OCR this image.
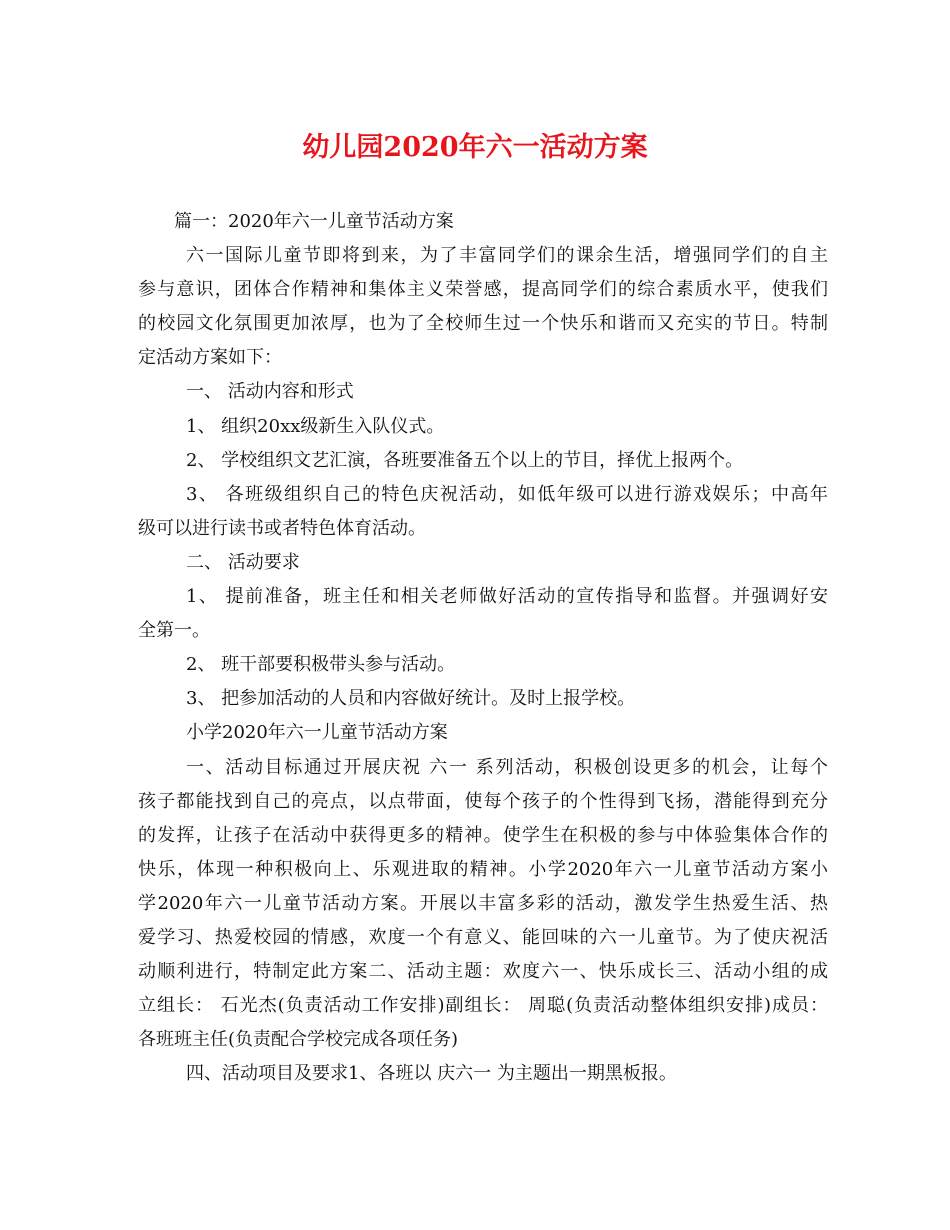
幼儿园2020年六一活动方案
篇一：2020年六一儿童节活动方案
六一国际儿童节即将到来，为了丰富同学们的课余生活，增强同学们的自主
参与意识，团体合作精神和集体主义荣誉感，提高同学们的综合素质水平，使我们
的校园文化氛围更加浓厚，也为了全校师生过一个快乐和谐而又充实的节日。特制
定活动方案如下：
一、 活动内容和形式
1、 组织20xx级新生入队仪式。
2、 学校组织文艺汇演，各班要准备五个以上的节目，择优上报两个。
3、 各班级组织自己的特色庆祝活动，如低年级可以进行游戏娱乐；中高年
级可以进行读书或者特色体育活动。
二、 活动要求
1、 提前准备，班主任和相关老师做好活动的宣传指导和监督。并强调好安
全第一。
2、 班干部要积极带头参与活动。
3、 把参加活动的人员和内容做好统计。及时上报学校。
小学2020年六一儿童节活动方案
一、活动目标通过开展庆祝 六一 系列活动，积极创设更多的机会，让每个
孩子都能找到自己的亮点，以点带面，使每个孩子的个性得到飞扬，潜能得到充分
的发挥，让孩子在活动中获得更多的精神。使学生在积极的参与中体验集体合作的
快乐，体现一种积极向上、乐观进取的精神。小学2020年六一儿童节活动方案小
学2020年六一儿童节活动方案。开展以丰富多彩的活动，激发学生热爱生活、热
爱学习、热爱校园的情感，欢度一个有意义、能回味的六一儿童节。为了使庆祝活
动顺利进行，特制定此方案二、活动主题：欢度六一、快乐成长三、活动小组的成
立组长： 石光杰(负责活动工作安排)副组长： 周聪(负责活动整体组织安排)成员：
各班班主任(负责配合学校完成各项任务)
四、活动项目及要求1、各班以 庆六一 为主题出一期黑板报。
